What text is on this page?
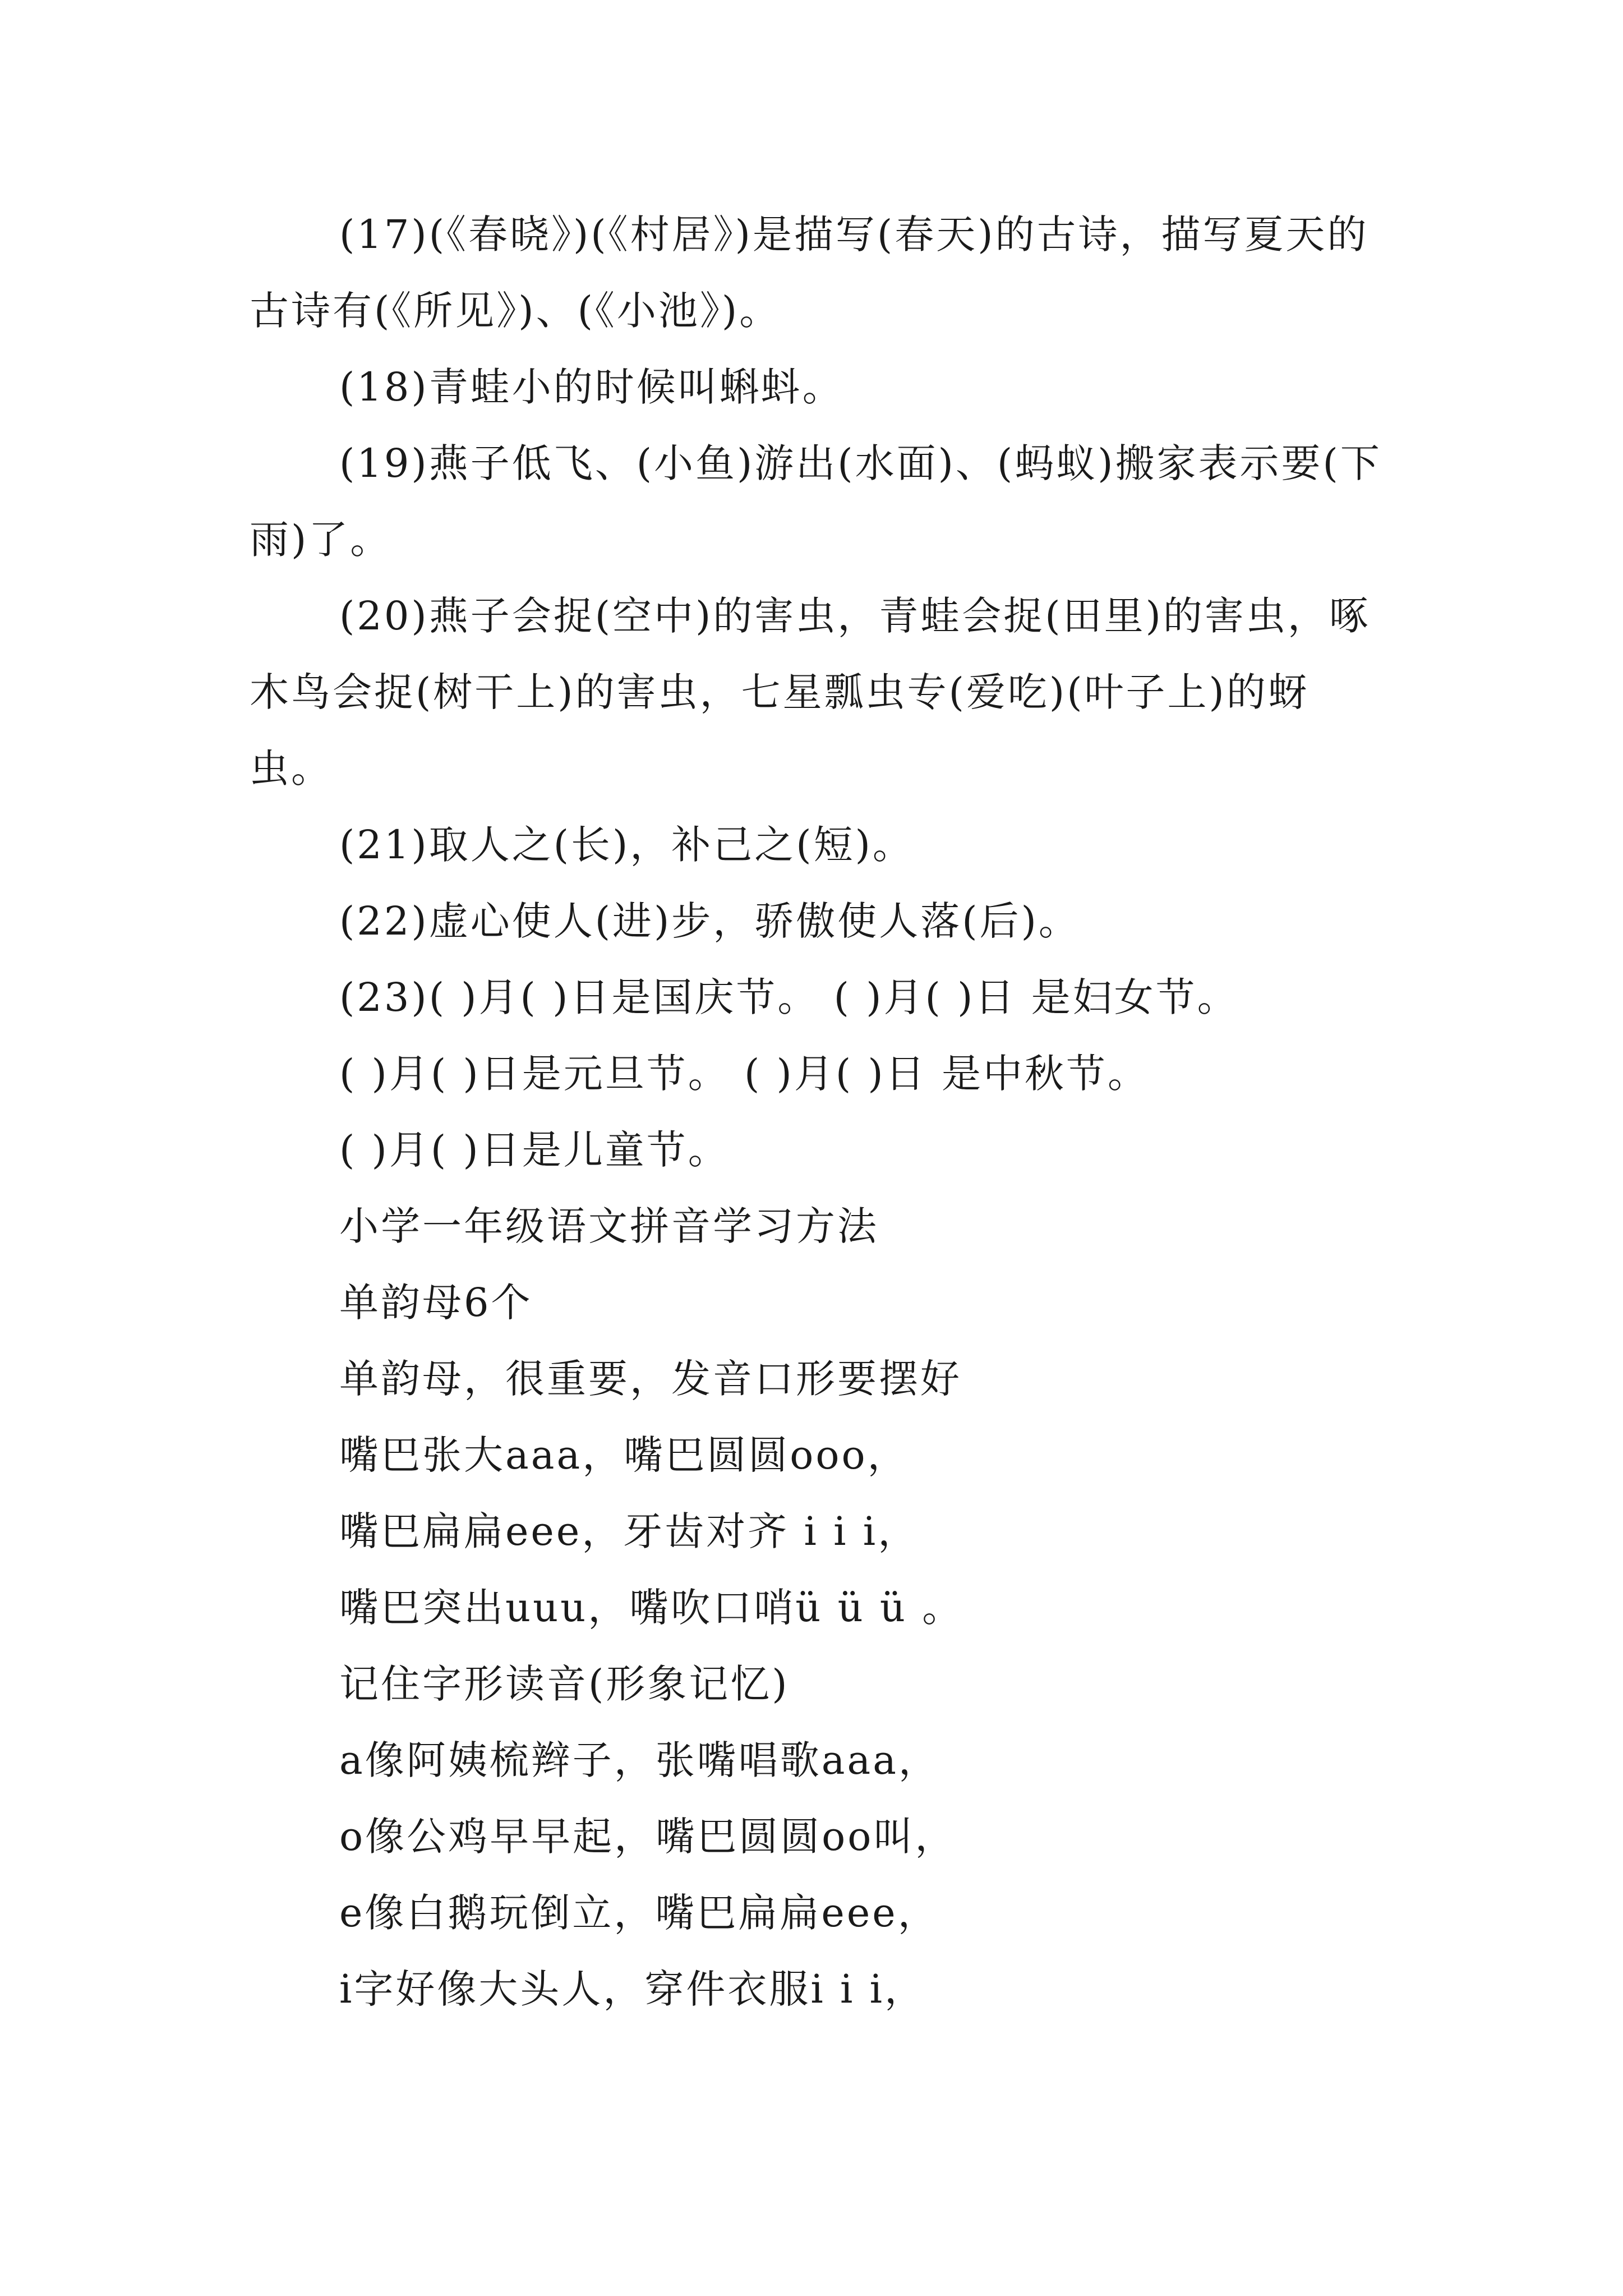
(17)(《春晓》)(《村居》)是描写(春天)的古诗，描写夏天的古诗有(《所见》)、(《小池》)。

(18)青蛙小的时候叫蝌蚪。

(19)燕子低飞、(小鱼)游出(水面)、(蚂蚁)搬家表示要(下雨)了。

(20)燕子会捉(空中)的害虫，青蛙会捉(田里)的害虫，啄木鸟会捉(树干上)的害虫，七星瓢虫专(爱吃)(叶子上)的蚜虫。

(21)取人之(长)，补己之(短)。

(22)虚心使人(进)步，骄傲使人落(后)。

(23)( )月( )日是国庆节。 ( )月( )日 是妇女节。

( )月( )日是元旦节。 ( )月( )日 是中秋节。

( )月( )日是儿童节。

小学一年级语文拼音学习方法

单韵母6个

单韵母，很重要，发音口形要摆好

嘴巴张大aaa，嘴巴圆圆ooo，

嘴巴扁扁eee，牙齿对齐 i i i，

嘴巴突出uuu，嘴吹口哨ü ü ü 。

记住字形读音(形象记忆)

a像阿姨梳辫子，张嘴唱歌aaa，

o像公鸡早早起，嘴巴圆圆oo叫，

e像白鹅玩倒立，嘴巴扁扁eee，

i字好像大头人，穿件衣服i i i，
